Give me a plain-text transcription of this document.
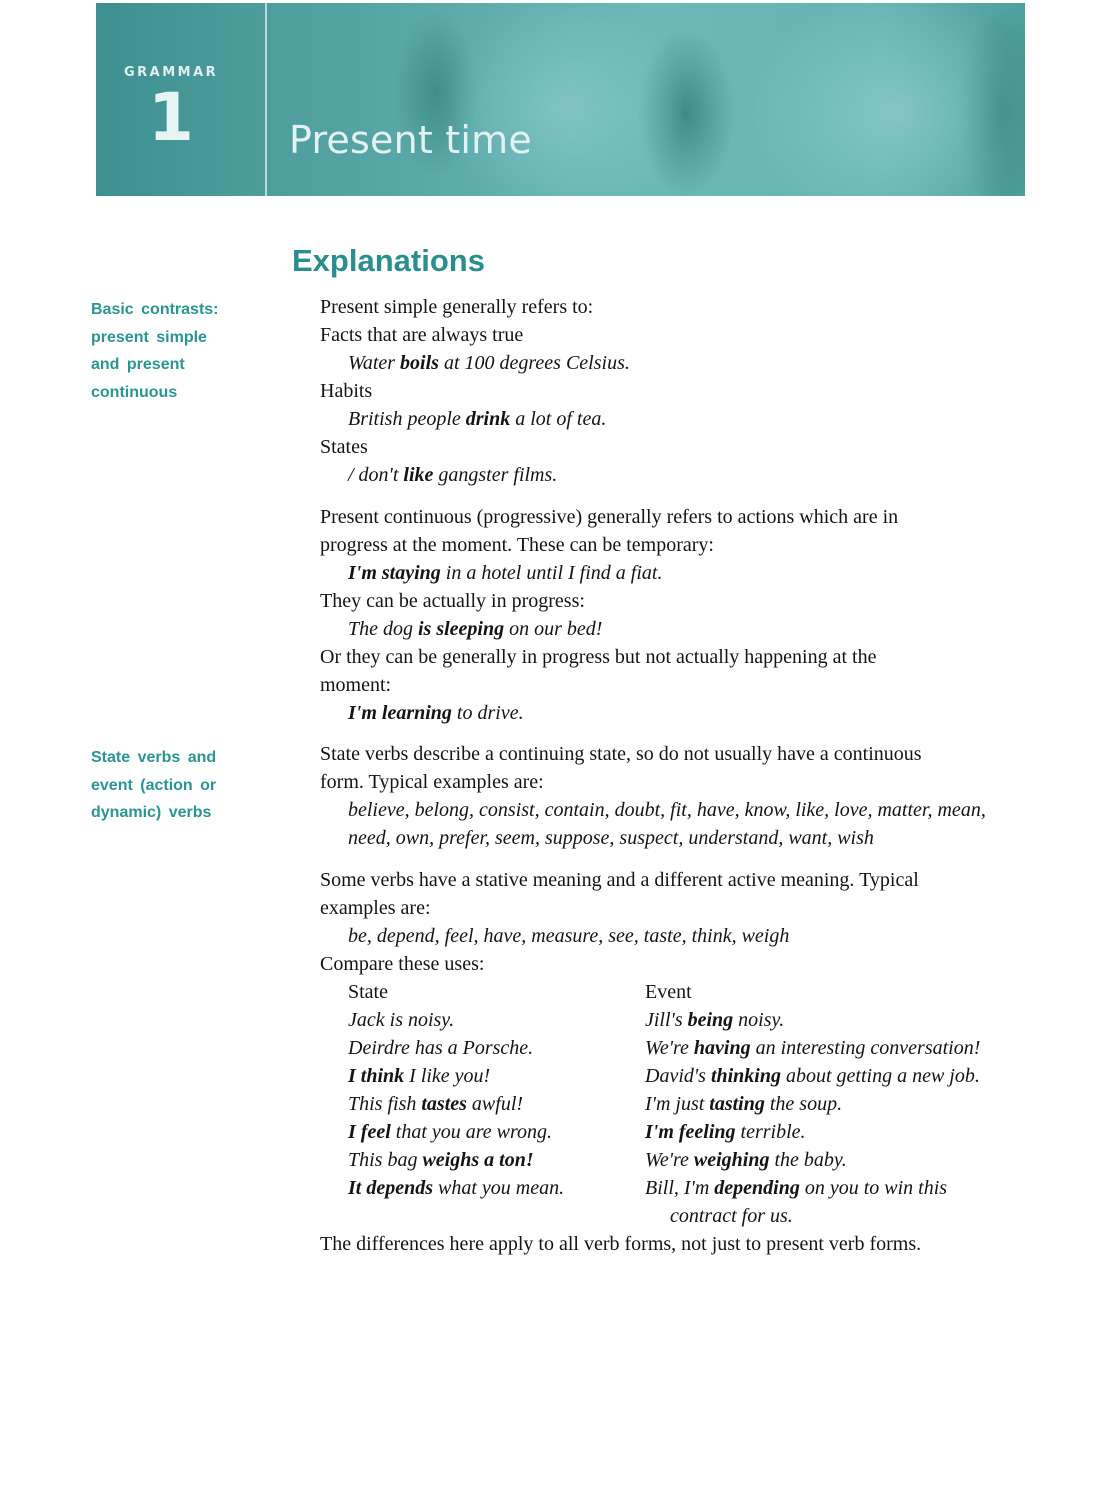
GRAMMAR
1	Present time
Explanations
Basic contrasts:
present simple
and present
continuous
State verbs and
event (action or
dynamic) verbs
Present simple generally refers to:
Facts that are always true
Water boils at 100 degrees Celsius.
Habits
British people drink a lot of tea.
States
/ don't like gangster films.
Present continuous (progressive) generally refers to actions which are in
progress at the moment. These can be temporary:
I'm staying in a hotel until I find a fiat.
They can be actually in progress:
The dog is sleeping on our bed!
Or they can be generally in progress but not actually happening at the
moment:
I'm learning to drive.
State verbs describe a continuing state, so do not usually have a continuous
form. Typical examples are:
believe, belong, consist, contain, doubt, fit, have, know, like, love, matter, mean,
need, own, prefer, seem, suppose, suspect, understand, want, wish
Some verbs have a stative meaning and a different active meaning. Typical
examples are:
be, depend, feel, have, measure, see, taste, think, weigh
Compare these uses:
State	Event
Jack is noisy.	Jill's being noisy.
Deirdre has a Porsche.	We're having an interesting conversation!
I think I like you!	David's thinking about getting a new job.
This fish tastes awful!	I'm just tasting the soup.
I feel that you are wrong.	I'm feeling terrible.
This bag weighs a ton!	We're weighing the baby.
It depends what you mean.	Bill, I'm depending on you to win this
contract for us.
The differences here apply to all verb forms, not just to present verb forms.
